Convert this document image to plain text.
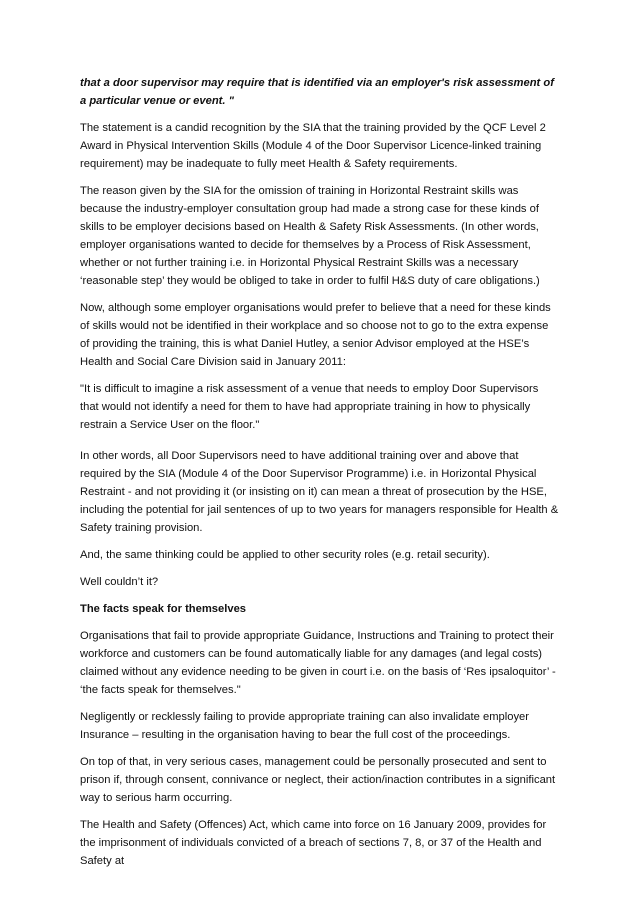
that a door supervisor may require that is identified via an employer's risk assessment of a particular venue or event. "

The statement is a candid recognition by the SIA that the training provided by the QCF Level 2 Award in Physical Intervention Skills (Module 4 of the Door Supervisor Licence-linked training requirement) may be inadequate to fully meet Health & Safety requirements.

The reason given by the SIA for the omission of training in Horizontal Restraint skills was because the industry-employer consultation group had made a strong case for these kinds of skills to be employer decisions based on Health & Safety Risk Assessments. (In other words, employer organisations wanted to decide for themselves by a Process of Risk Assessment, whether or not further training i.e. in Horizontal Physical Restraint Skills was a necessary ‘reasonable step’ they would be obliged to take in order to fulfil H&S duty of care obligations.)

Now, although some employer organisations would prefer to believe that a need for these kinds of skills would not be identified in their workplace and so choose not to go to the extra expense of providing the training, this is what Daniel Hutley, a senior Advisor employed at the HSE’s Health and Social Care Division said in January 2011:

"It is difficult to imagine a risk assessment of a venue that needs to employ Door Supervisors that would not identify a need for them to have had appropriate training in how to physically restrain a Service User on the floor."

In other words, all Door Supervisors need to have additional training over and above that required by the SIA (Module 4 of the Door Supervisor Programme) i.e. in Horizontal Physical Restraint - and not providing it (or insisting on it) can mean a threat of prosecution by the HSE, including the potential for jail sentences of up to two years for managers responsible for Health & Safety training provision.

And, the same thinking could be applied to other security roles (e.g. retail security).

Well couldn’t it?

The facts speak for themselves

Organisations that fail to provide appropriate Guidance, Instructions and Training to protect their workforce and customers can be found automatically liable for any damages (and legal costs) claimed without any evidence needing to be given in court i.e. on the basis of ‘Res ipsaloquitor’ - ‘the facts speak for themselves."

Negligently or recklessly failing to provide appropriate training can also invalidate employer Insurance – resulting in the organisation having to bear the full cost of the proceedings.

On top of that, in very serious cases, management could be personally prosecuted and sent to prison if, through consent, connivance or neglect, their action/inaction contributes in a significant way to serious harm occurring.

The Health and Safety (Offences) Act, which came into force on 16 January 2009, provides for the imprisonment of individuals convicted of a breach of sections 7, 8, or 37 of the Health and Safety at
